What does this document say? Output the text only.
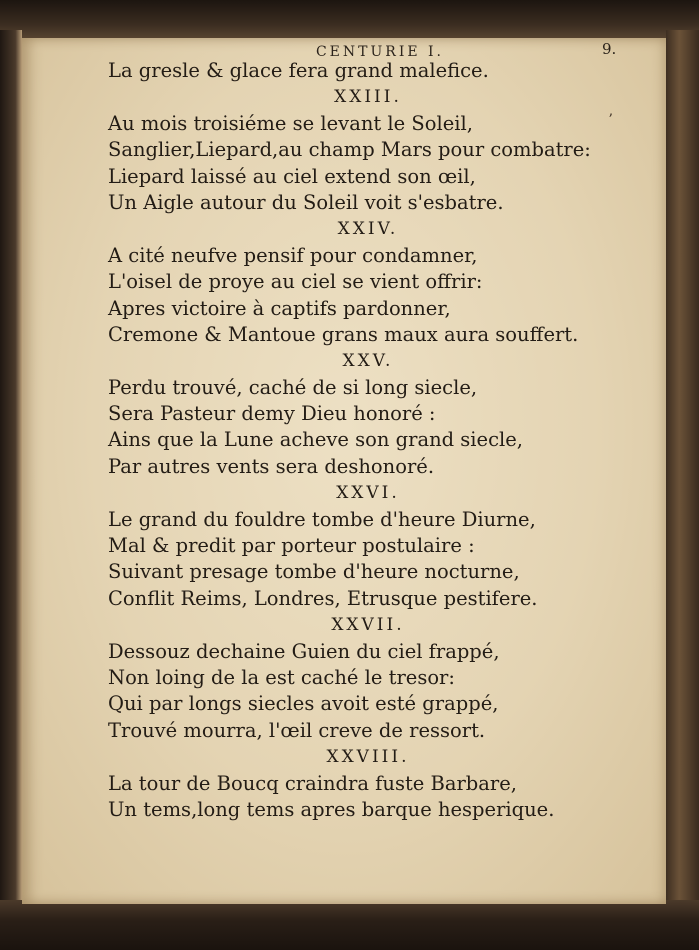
CENTURIE I.	9.
La gresle & glace fera grand malefice.
XXIII.
Au mois troisiéme se levant le Soleil,
Sanglier,Liepard,au champ Mars pour combatre:
Liepard laissé au ciel extend son œil,
Un Aigle autour du Soleil voit s'esbatre.
XXIV.
A cité neufve pensif pour condamner,
L'oisel de proye au ciel se vient offrir:
Apres victoire à captifs pardonner,
Cremone & Mantoue grans maux aura souffert.
XXV.
Perdu trouvé, caché de si long siecle,
Sera Pasteur demy Dieu honoré :
Ains que la Lune acheve son grand siecle,
Par autres vents sera deshonoré.
XXVI.
Le grand du fouldre tombe d'heure Diurne,
Mal & predit par porteur postulaire :
Suivant presage tombe d'heure nocturne,
Conflit Reims, Londres, Etrusque pestifere.
XXVII.
Dessouz dechaine Guien du ciel frappé,
Non loing de la est caché le tresor:
Qui par longs siecles avoit esté grappé,
Trouvé mourra, l'œil creve de ressort.
XXVIII.
La tour de Boucq craindra fuste Barbare,
Un tems,long tems apres barque hesperique.
ʼ
